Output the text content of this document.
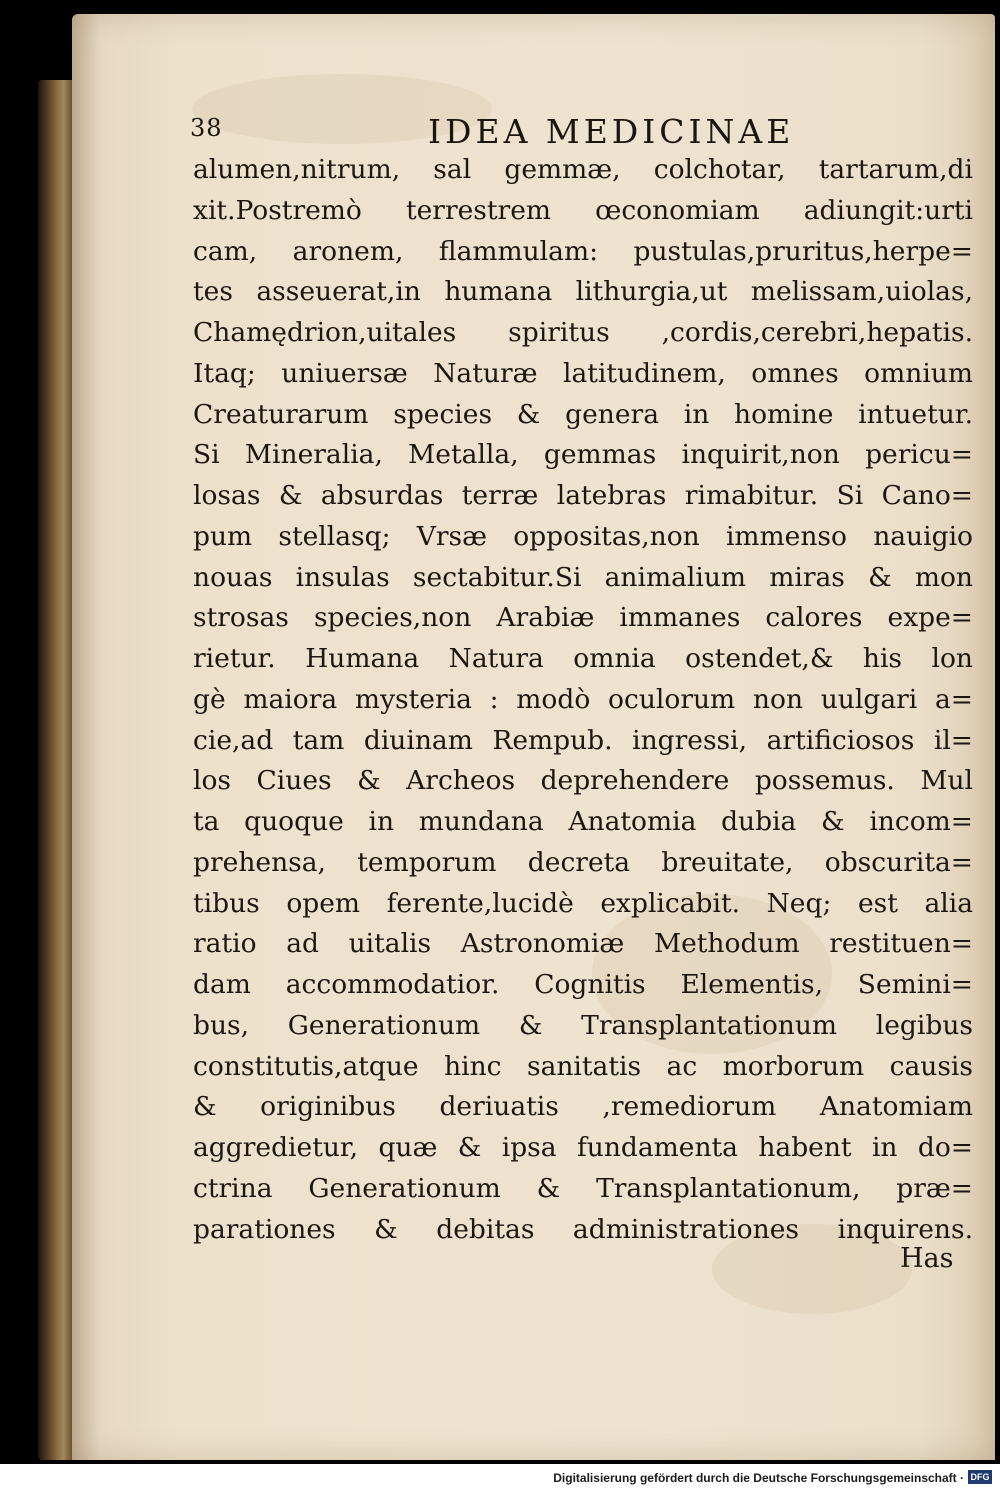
38	IDEA MEDICINAE
alumen,nitrum, sal gemmæ, colchotar, tartarum,di
xit.Postremò terrestrem œconomiam adiungit:urti
cam, aronem, flammulam: pustulas,pruritus,herpe=
tes asseuerat,in humana lithurgia,ut melissam,uiolas,
Chamędrion,uitales spiritus ,cordis,cerebri,hepatis.
Itaq; uniuersæ Naturæ latitudinem, omnes omnium
Creaturarum species & genera in homine intuetur.
Si Mineralia, Metalla, gemmas inquirit,non pericu=
losas & absurdas terræ latebras rimabitur. Si Cano=
pum stellasq; Vrsæ oppositas,non immenso nauigio
nouas insulas sectabitur.Si animalium miras & mon
strosas species,non Arabiæ immanes calores expe=
rietur. Humana Natura omnia ostendet,& his lon
gè maiora mysteria : modò oculorum non uulgari a=
cie,ad tam diuinam Rempub. ingressi, artificiosos il=
los Ciues & Archeos deprehendere possemus. Mul
ta quoque in mundana Anatomia dubia & incom=
prehensa, temporum decreta breuitate, obscurita=
tibus opem ferente,lucidè explicabit. Neq; est alia
ratio ad uitalis Astronomiæ Methodum restituen=
dam accommodatior. Cognitis Elementis, Semini=
bus, Generationum & Transplantationum legibus
constitutis,atque hinc sanitatis ac morborum causis
& originibus deriuatis ,remediorum Anatomiam
aggredietur, quæ & ipsa fundamenta habent in do=
ctrina Generationum & Transplantationum, præ=
parationes & debitas administrationes inquirens.
Has
Digitalisierung gefördert durch die Deutsche Forschungsgemeinschaft · DFG
